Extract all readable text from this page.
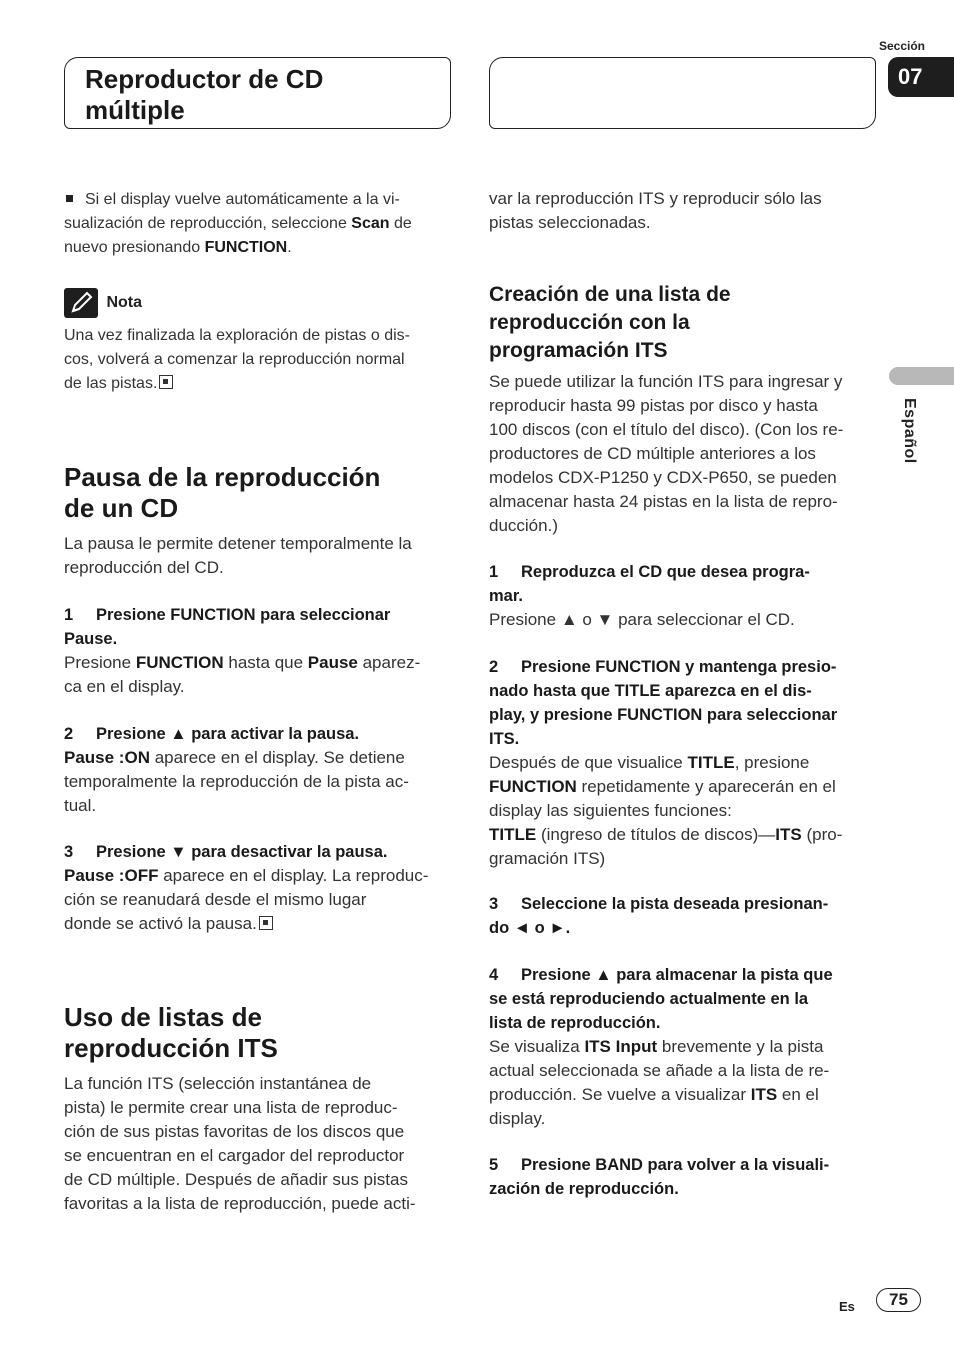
Reproductor de CD múltiple
Sección
07
Español
Si el display vuelve automáticamente a la vi-
sualización de reproducción, seleccione Scan de
nuevo presionando FUNCTION.
Nota
Una vez finalizada la exploración de pistas o dis-
cos, volverá a comenzar la reproducción normal
de las pistas.
Pausa de la reproducción
de un CD
La pausa le permite detener temporalmente la
reproducción del CD.
1 Presione FUNCTION para seleccionar
Pause.
Presione FUNCTION hasta que Pause aparez-
ca en el display.
2 Presione ▲ para activar la pausa.
Pause :ON aparece en el display. Se detiene
temporalmente la reproducción de la pista ac-
tual.
3 Presione ▼ para desactivar la pausa.
Pause :OFF aparece en el display. La reproduc-
ción se reanudará desde el mismo lugar
donde se activó la pausa.
Uso de listas de
reproducción ITS
La función ITS (selección instantánea de
pista) le permite crear una lista de reproduc-
ción de sus pistas favoritas de los discos que
se encuentran en el cargador del reproductor
de CD múltiple. Después de añadir sus pistas
favoritas a la lista de reproducción, puede acti-
var la reproducción ITS y reproducir sólo las
pistas seleccionadas.
Creación de una lista de
reproducción con la
programación ITS
Se puede utilizar la función ITS para ingresar y
reproducir hasta 99 pistas por disco y hasta
100 discos (con el título del disco). (Con los re-
productores de CD múltiple anteriores a los
modelos CDX-P1250 y CDX-P650, se pueden
almacenar hasta 24 pistas en la lista de repro-
ducción.)
1 Reproduzca el CD que desea progra-
mar.
Presione ▲ o ▼ para seleccionar el CD.
2 Presione FUNCTION y mantenga presio-
nado hasta que TITLE aparezca en el dis-
play, y presione FUNCTION para seleccionar
ITS.
Después de que visualice TITLE, presione
FUNCTION repetidamente y aparecerán en el
display las siguientes funciones:
TITLE (ingreso de títulos de discos)—ITS (pro-
gramación ITS)
3 Seleccione la pista deseada presionan-
do ◄ o ►.
4 Presione ▲ para almacenar la pista que
se está reproduciendo actualmente en la
lista de reproducción.
Se visualiza ITS Input brevemente y la pista
actual seleccionada se añade a la lista de re-
producción. Se vuelve a visualizar ITS en el
display.
5 Presione BAND para volver a la visuali-
zación de reproducción.
Es	75
